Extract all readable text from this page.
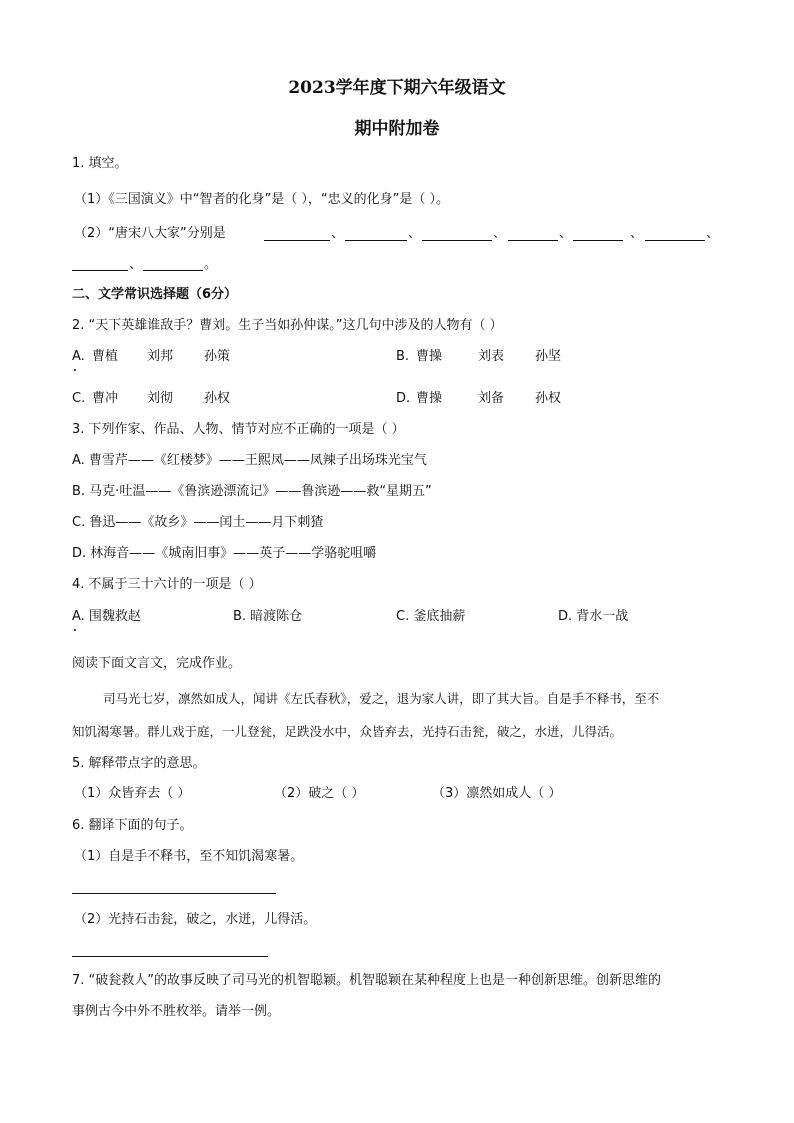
2023学年度下期六年级语文
期中附加卷
1. 填空。
（1）《三国演义》中“智者的化身”是（ ），“忠义的化身”是（ ）。
（2）“唐宋八大家”分别是	、	、	、	、	、	、
、	。
二、文学常识选择题（6分）
2. “天下英雄谁敌手？曹刘。生子当如孙仲谋。”这几句中涉及的人物有（ ）
A. 曹植 刘邦 孙策	B. 曹操	刘表 孙坚
C. 曹冲 刘彻 孙权	D. 曹操	刘备 孙权
3. 下列作家、作品、人物、情节对应不正确的一项是（ ）
A. 曹雪芹——《红楼梦》——王熙凤——凤辣子出场珠光宝气
B. 马克·吐温——《鲁滨逊漂流记》——鲁滨逊——救“星期五”
C. 鲁迅——《故乡》——闰土——月下刺猹
D. 林海音——《城南旧事》——英子——学骆驼咀嚼
4. 不属于三十六计的一项是（ ）
A. 围魏救赵	B. 暗渡陈仓	C. 釜底抽薪	D. 背水一战
阅读下面文言文，完成作业。
司马光七岁，凛然如成人，闻讲《左氏春秋》，爱之，退为家人讲，即了其大旨。自是手不释书，至不
知饥渴寒暑。群儿戏于庭，一儿登瓮，足跌没水中，众皆弃去，光持石击瓮，破之，水迸，儿得活。
5. 解释带点字的意思。
（1）众皆弃去（ ）	（2）破之（ ）	（3）凛然如成人（ ）
6. 翻译下面的句子。
（1）自是手不释书，至不知饥渴寒暑。
（2）光持石击瓮，破之，水迸，儿得活。
7. “破瓮救人”的故事反映了司马光的机智聪颖。机智聪颖在某种程度上也是一种创新思维。创新思维的
事例古今中外不胜枚举。请举一例。
